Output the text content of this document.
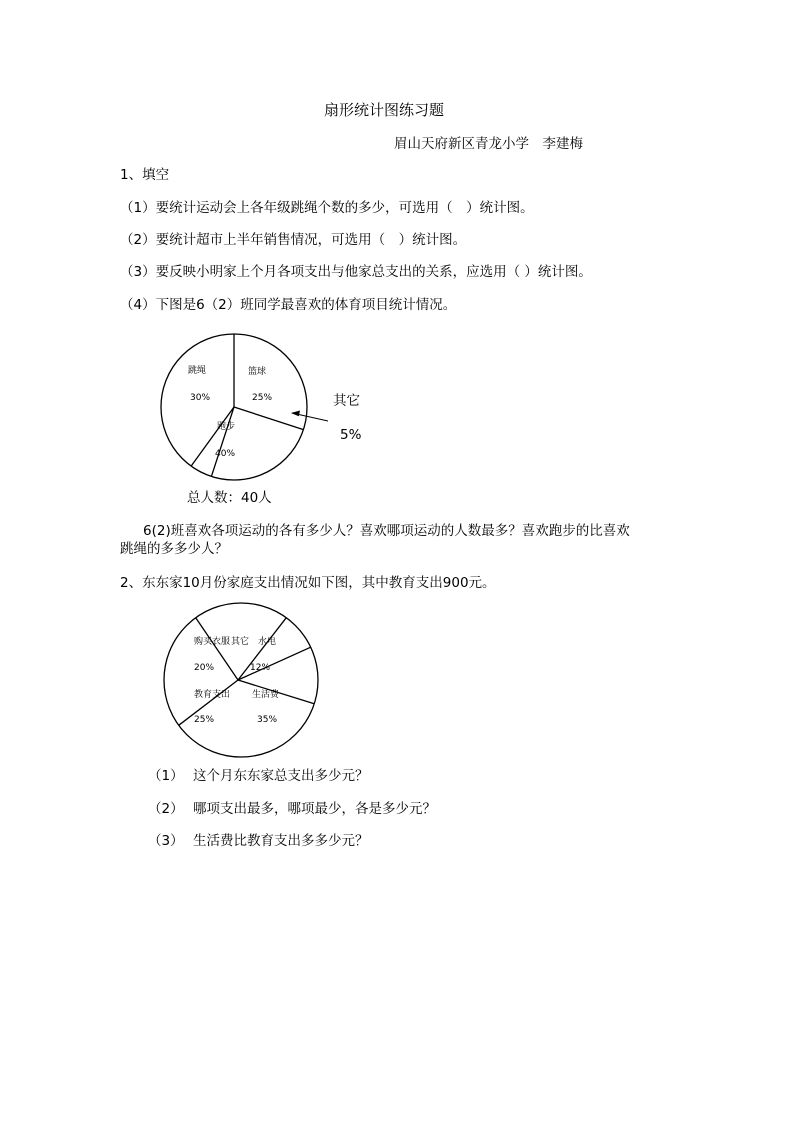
扇形统计图练习题
眉山天府新区青龙小学　李建梅
1、填空
（1）要统计运动会上各年级跳绳个数的多少，可选用（　）统计图。
（2）要统计超市上半年销售情况，可选用（　）统计图。
（3）要反映小明家上个月各项支出与他家总支出的关系，应选用（ ）统计图。
（4）下图是6（2）班同学最喜欢的体育项目统计情况。
跳绳
30%
篮球
25%
跑步
40%
其它
5%
总人数：40人
6(2)班喜欢各项运动的各有多少人？喜欢哪项运动的人数最多？喜欢跑步的比喜欢
跳绳的多多少人？
2、东东家10月份家庭支出情况如下图，其中教育支出900元。
购买衣服
20%
其它 水电
12%
教育支出
25%
生活费
35%
（1） 这个月东东家总支出多少元？
（2） 哪项支出最多，哪项最少，各是多少元？
（3） 生活费比教育支出多多少元？
